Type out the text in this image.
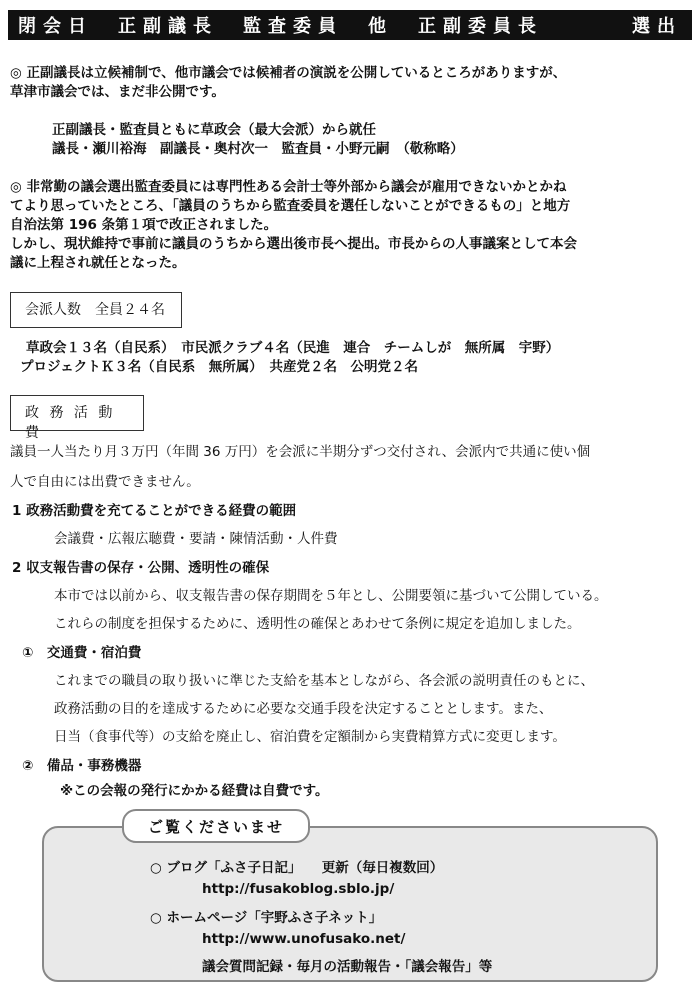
閉会日　正副議長　監査委員　他　正副委員長	選出
◎ 正副議長は立候補制で、他市議会では候補者の演説を公開しているところがありますが、
草津市議会では、まだ非公開です。
正副議長・監査員ともに草政会（最大会派）から就任
議長・瀬川裕海　副議長・奥村次一　監査員・小野元嗣　（敬称略）
◎ 非常勤の議会選出監査委員には専門性ある会計士等外部から議会が雇用できないかとかね
てより思っていたところ、「議員のうちから監査委員を選任しないことができるもの」と地方
自治法第 196 条第１項で改正されました。
しかし、現状維持で事前に議員のうちから選出後市長へ提出。市長からの人事議案として本会
議に上程され就任となった。
会派人数　全員２４名
草政会１３名（自民系）　市民派クラブ４名（民進　連合　チームしが　無所属　宇野）
プロジェクトＫ３名（自民系　無所属）　共産党２名　公明党２名
政 務 活 動 費
議員一人当たり月３万円（年間 36 万円）を会派に半期分ずつ交付され、会派内で共通に使い個
人で自由には出費できません。
1 政務活動費を充てることができる経費の範囲
会議費・広報広聴費・要請・陳情活動・人件費
2 収支報告書の保存・公開、透明性の確保
本市では以前から、収支報告書の保存期間を５年とし、公開要領に基づいて公開している。
これらの制度を担保するために、透明性の確保とあわせて条例に規定を追加しました。
①　交通費・宿泊費
これまでの職員の取り扱いに準じた支給を基本としながら、各会派の説明責任のもとに、
政務活動の目的を達成するために必要な交通手段を決定することとします。また、
日当（食事代等）の支給を廃止し、宿泊費を定額制から実費精算方式に変更します。
②　備品・事務機器
※この会報の発行にかかる経費は自費です。
ご覧くださいませ
○ ブログ「ふさ子日記」　　更新（毎日複数回）
http://fusakoblog.sblo.jp/
○ ホームページ「宇野ふさ子ネット」
http://www.unofusako.net/
議会質問記録・毎月の活動報告・「議会報告」等
